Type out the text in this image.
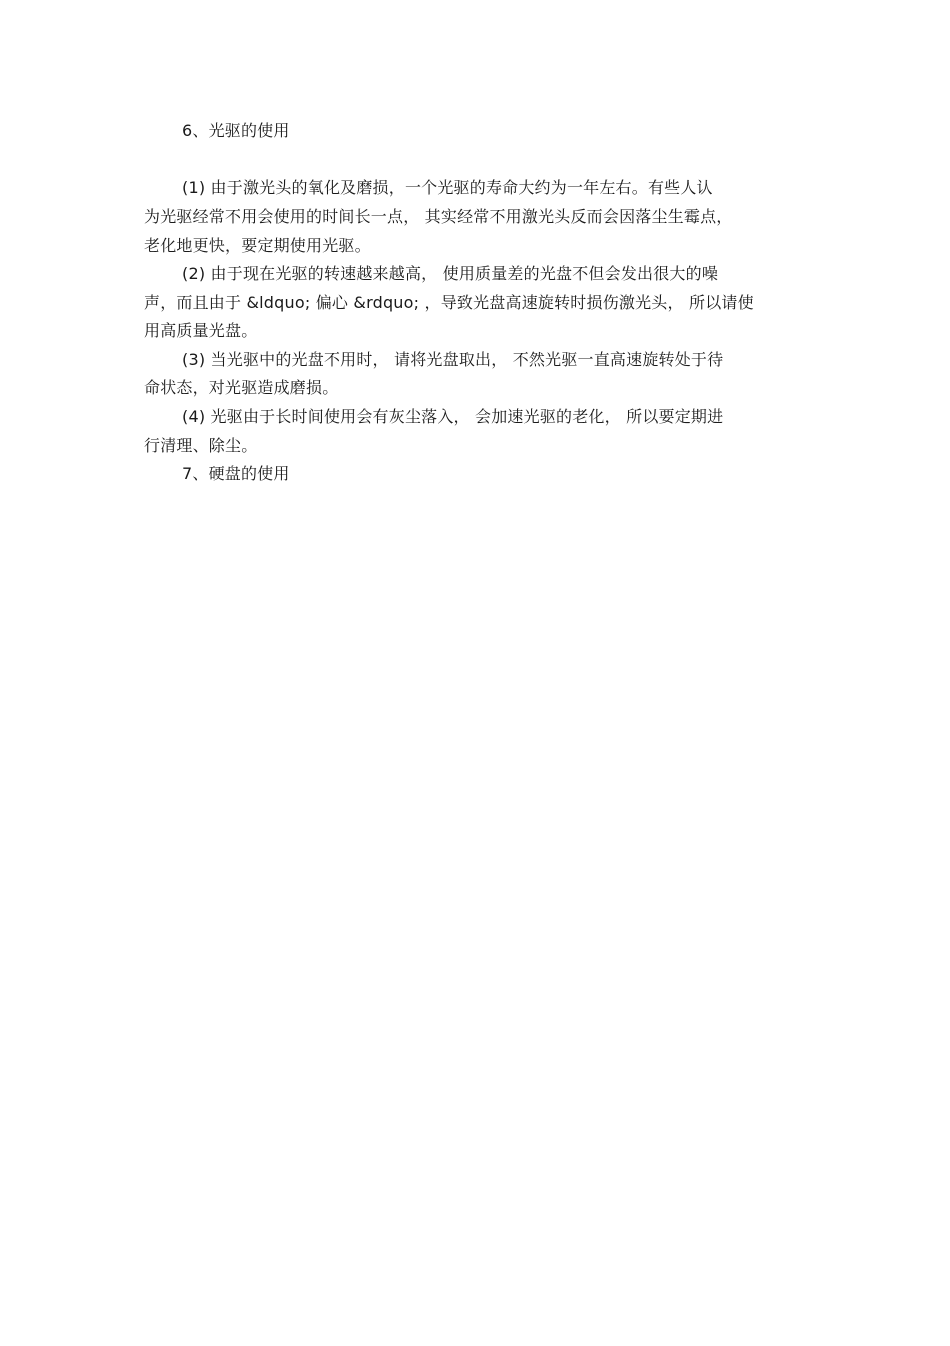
6、光驱的使用
(1) 由于激光头的氧化及磨损，一个光驱的寿命大约为一年左右。有些人认
为光驱经常不用会使用的时间长一点， 其实经常不用激光头反而会因落尘生霉点，
老化地更快，要定期使用光驱。
(2) 由于现在光驱的转速越来越高， 使用质量差的光盘不但会发出很大的噪
声，而且由于 &ldquo; 偏心 &rdquo; ，导致光盘高速旋转时损伤激光头， 所以请使
用高质量光盘。
(3) 当光驱中的光盘不用时， 请将光盘取出， 不然光驱一直高速旋转处于待
命状态，对光驱造成磨损。
(4) 光驱由于长时间使用会有灰尘落入， 会加速光驱的老化， 所以要定期进
行清理、除尘。
7、硬盘的使用
